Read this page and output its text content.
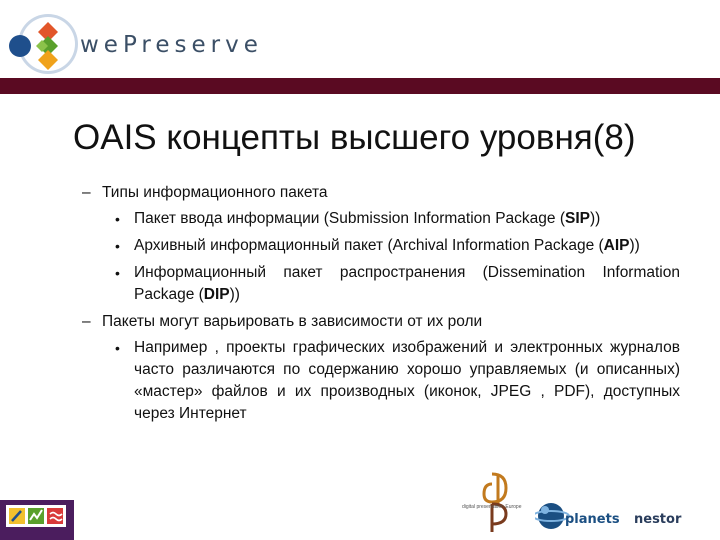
wePreserve
OAIS концепты высшего уровня(8)
– Типы информационного пакета
• Пакет ввода информации (Submission Information Package (SIP))
• Архивный информационный пакет (Archival Information Package (AIP))
• Информационный пакет распространения (Dissemination Information Package (DIP))
– Пакеты могут варьировать в зависимости от их роли
• Например , проекты графических изображений и электронных журналов часто различаются по содержанию хорошо управляемых (и описанных) «мастер» файлов и их производных (иконок, JPEG , PDF), доступных через Интернет
digital preservation Europe
planets nestor
